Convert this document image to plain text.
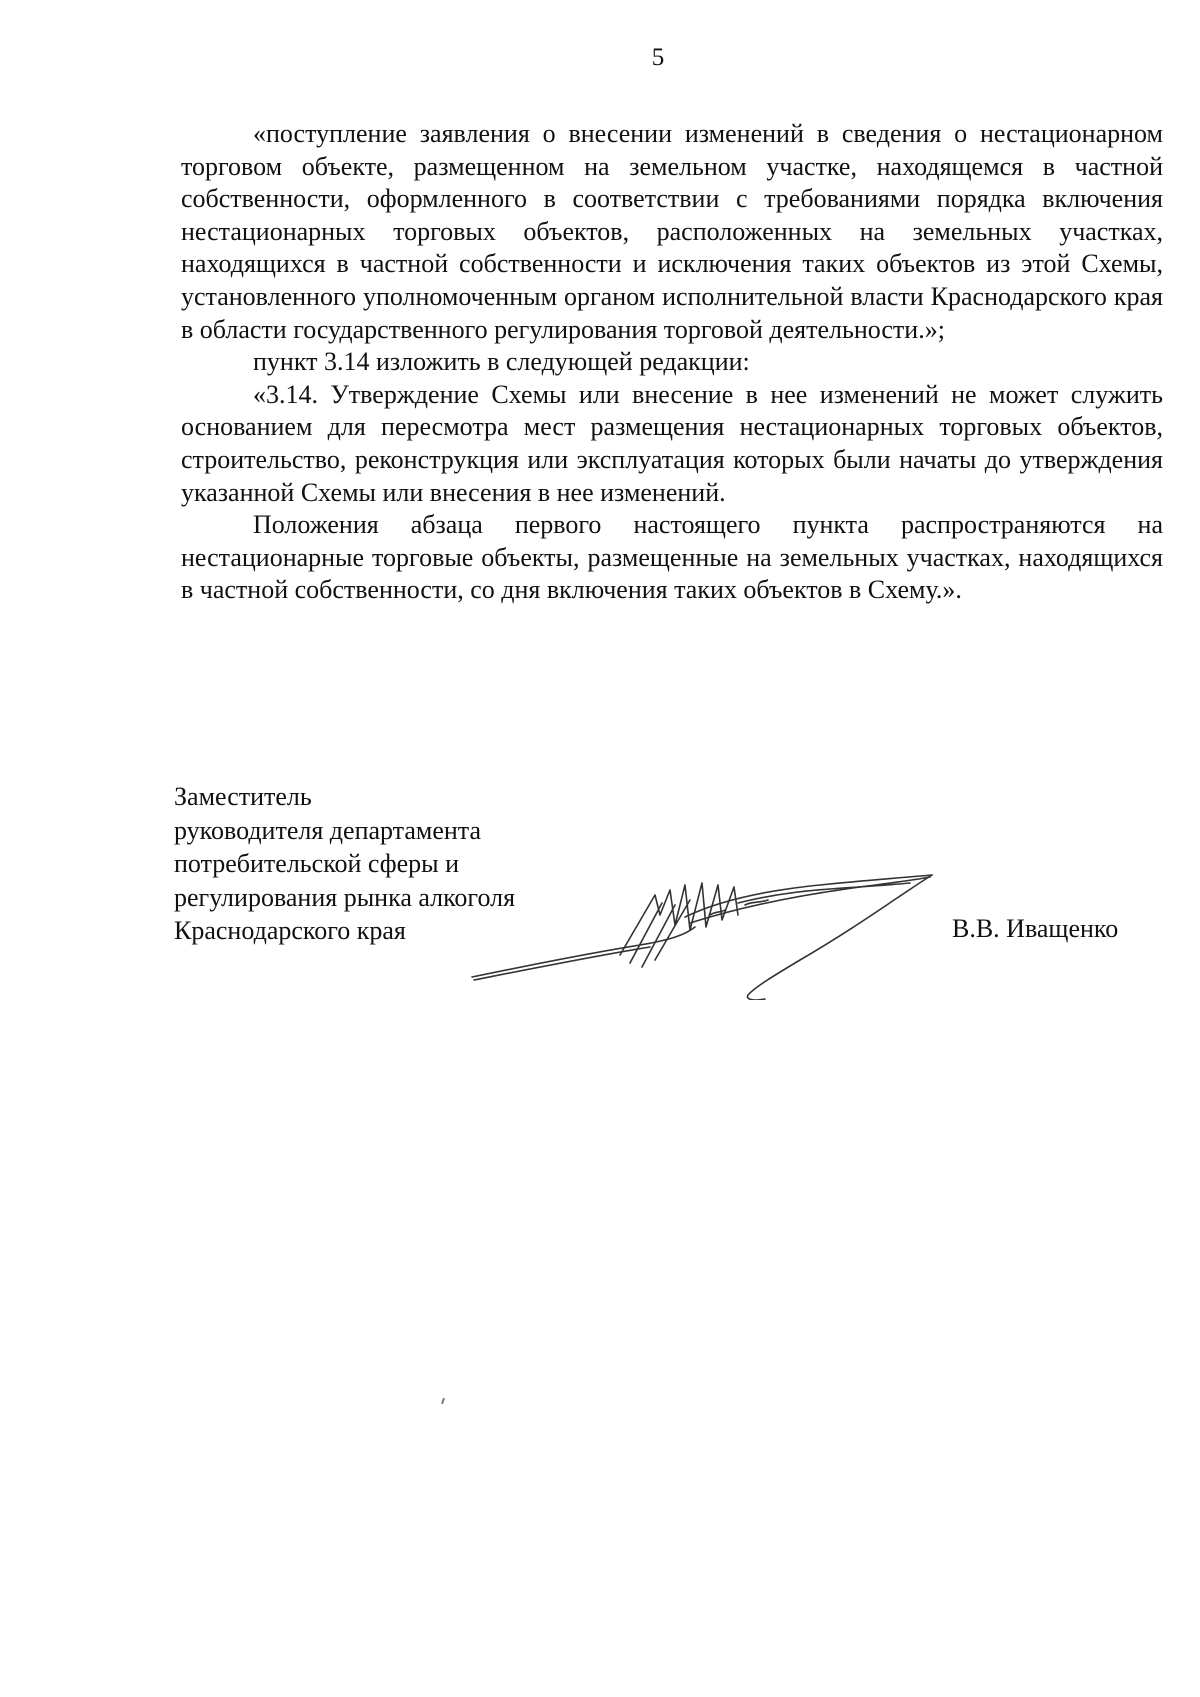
5

«поступление заявления о внесении изменений в сведения о нестационарном торговом объекте, размещенном на земельном участке, находящемся в частной собственности, оформленного в соответствии с требованиями порядка включения нестационарных торговых объектов, расположенных на земельных участках, находящихся в частной собственности и исключения таких объектов из этой Схемы, установленного уполномоченным органом исполнительной власти Краснодарского края в области государственного регулирования торговой деятельности.»;

пункт 3.14 изложить в следующей редакции:

«3.14. Утверждение Схемы или внесение в нее изменений не может служить основанием для пересмотра мест размещения нестационарных торговых объектов, строительство, реконструкция или эксплуатация которых были начаты до утверждения указанной Схемы или внесения в нее изменений.

Положения абзаца первого настоящего пункта распространяются на нестационарные торговые объекты, размещенные на земельных участках, находящихся в частной собственности, со дня включения таких объектов в Схему.».

Заместитель
руководителя департамента
потребительской сферы и
регулирования рынка алкоголя
Краснодарского края	В.В. Иващенко
